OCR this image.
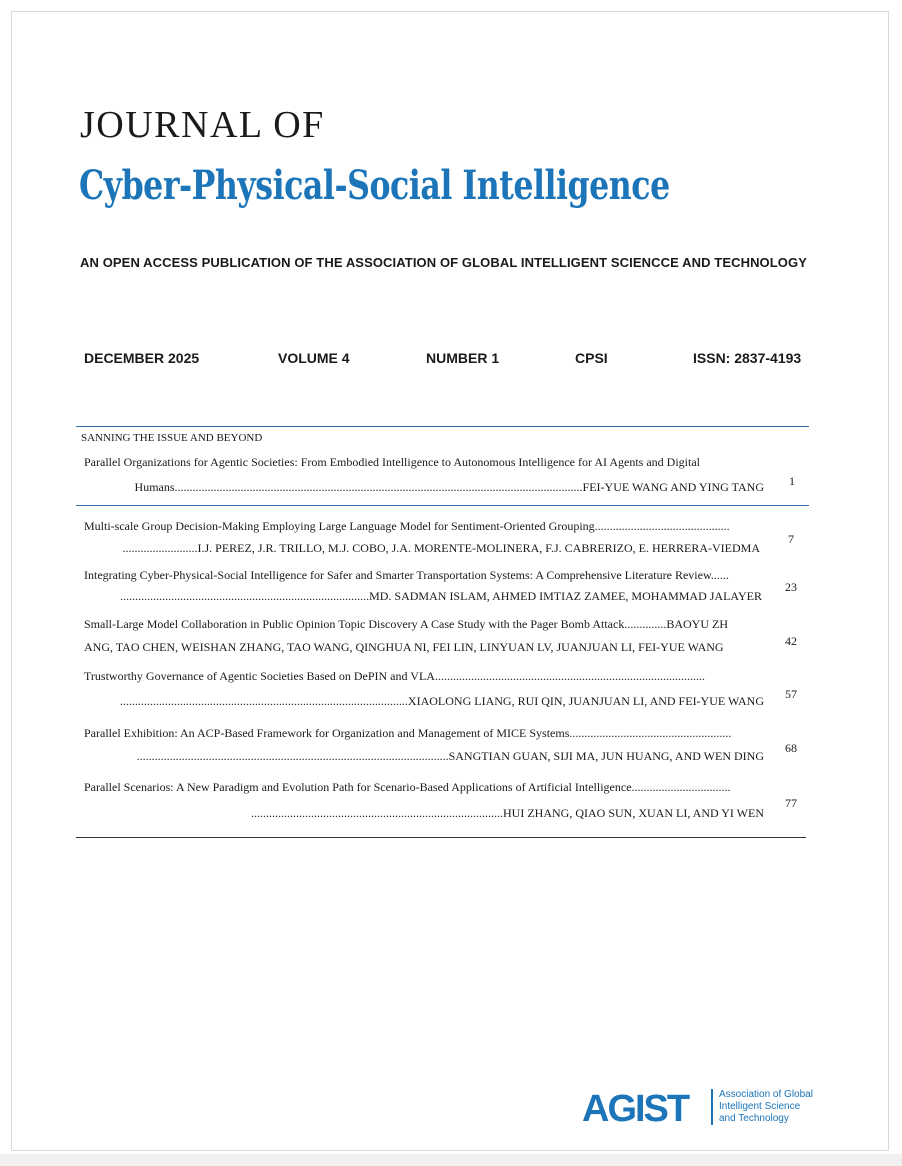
JOURNAL OF
Cyber-Physical-Social Intelligence
AN OPEN ACCESS PUBLICATION OF THE ASSOCIATION OF GLOBAL INTELLIGENT SCIENCCE AND TECHNOLOGY
DECEMBER 2025	VOLUME 4	NUMBER 1	CPSI	ISSN: 2837-4193
SANNING THE ISSUE AND BEYOND
Parallel Organizations for Agentic Societies: From Embodied Intelligence to Autonomous Intelligence for AI Agents and Digital
Humans........................................................................................................................................FEI-YUE WANG AND YING TANG 1
Multi-scale Group Decision-Making Employing Large Language Model for Sentiment-Oriented Grouping.............................................
.........................I.J. PEREZ, J.R. TRILLO, M.J. COBO, J.A. MORENTE-MOLINERA, F.J. CABRERIZO, E. HERRERA-VIEDMA
7
Integrating Cyber-Physical-Social Intelligence for Safer and Smarter Transportation Systems: A Comprehensive Literature Review......
...................................................................................MD. SADMAN ISLAM, AHMED IMTIAZ ZAMEE, MOHAMMAD JALAYER
23
Small-Large Model Collaboration in Public Opinion Topic Discovery A Case Study with the Pager Bomb Attack..............BAOYU ZH
ANG, TAO CHEN, WEISHAN ZHANG, TAO WANG, QINGHUA NI, FEI LIN, LINYUAN LV, JUANJUAN LI, FEI-YUE WANG	42
Trustworthy Governance of Agentic Societies Based on DePIN and VLA..........................................................................................
................................................................................................XIAOLONG LIANG, RUI QIN, JUANJUAN LI, AND FEI-YUE WANG 57
Parallel Exhibition: An ACP-Based Framework for Organization and Management of MICE Systems......................................................
........................................................................................................SANGTIAN GUAN, SIJI MA, JUN HUANG, AND WEN DING
68
Parallel Scenarios: A New Paradigm and Evolution Path for Scenario-Based Applications of Artificial Intelligence.................................
....................................................................................HUI ZHANG, QIAO SUN, XUAN LI, AND YI WEN
77
AGIST	Association of Global
Intelligent Science
and Technology
